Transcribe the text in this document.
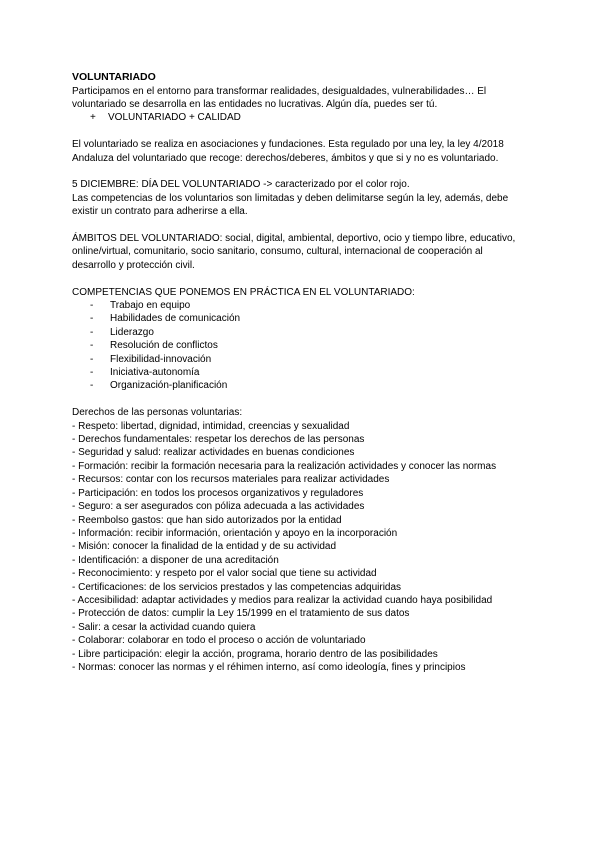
VOLUNTARIADO

Participamos en el entorno para transformar realidades, desigualdades, vulnerabilidades… El

voluntariado se desarrolla en las entidades no lucrativas. Algún día, puedes ser tú.

+ VOLUNTARIADO + CALIDAD

El voluntariado se realiza en asociaciones y fundaciones. Esta regulado por una ley, la ley 4/2018

Andaluza del voluntariado que recoge: derechos/deberes, ámbitos y que si y no es voluntariado.

5 DICIEMBRE: DÍA DEL VOLUNTARIADO -> caracterizado por el color rojo.

Las competencias de los voluntarios son limitadas y deben delimitarse según la ley, además, debe

existir un contrato para adherirse a ella.

ÁMBITOS DEL VOLUNTARIADO: social, digital, ambiental, deportivo, ocio y tiempo libre, educativo,

online/virtual, comunitario, socio sanitario, consumo, cultural, internacional de cooperación al

desarrollo y protección civil.

COMPETENCIAS QUE PONEMOS EN PRÁCTICA EN EL VOLUNTARIADO:

- Trabajo en equipo
- Habilidades de comunicación
- Liderazgo
- Resolución de conflictos
- Flexibilidad-innovación
- Iniciativa-autonomía
- Organización-planificación

Derechos de las personas voluntarias:

- Respeto: libertad, dignidad, intimidad, creencias y sexualidad

- Derechos fundamentales: respetar los derechos de las personas

- Seguridad y salud: realizar actividades en buenas condiciones

- Formación: recibir la formación necesaria para la realización actividades y conocer las normas

- Recursos: contar con los recursos materiales para realizar actividades

- Participación: en todos los procesos organizativos y reguladores

- Seguro: a ser asegurados con póliza adecuada a las actividades

- Reembolso gastos: que han sido autorizados por la entidad

- Información: recibir información, orientación y apoyo en la incorporación

- Misión: conocer la finalidad de la entidad y de su actividad

- Identificación: a disponer de una acreditación

- Reconocimiento: y respeto por el valor social que tiene su actividad

- Certificaciones: de los servicios prestados y las competencias adquiridas

- Accesibilidad: adaptar actividades y medios para realizar la actividad cuando haya posibilidad

- Protección de datos: cumplir la Ley 15/1999 en el tratamiento de sus datos

- Salir: a cesar la actividad cuando quiera

- Colaborar: colaborar en todo el proceso o acción de voluntariado

- Libre participación: elegir la acción, programa, horario dentro de las posibilidades

- Normas: conocer las normas y el réhimen interno, así como ideología, fines y principios
